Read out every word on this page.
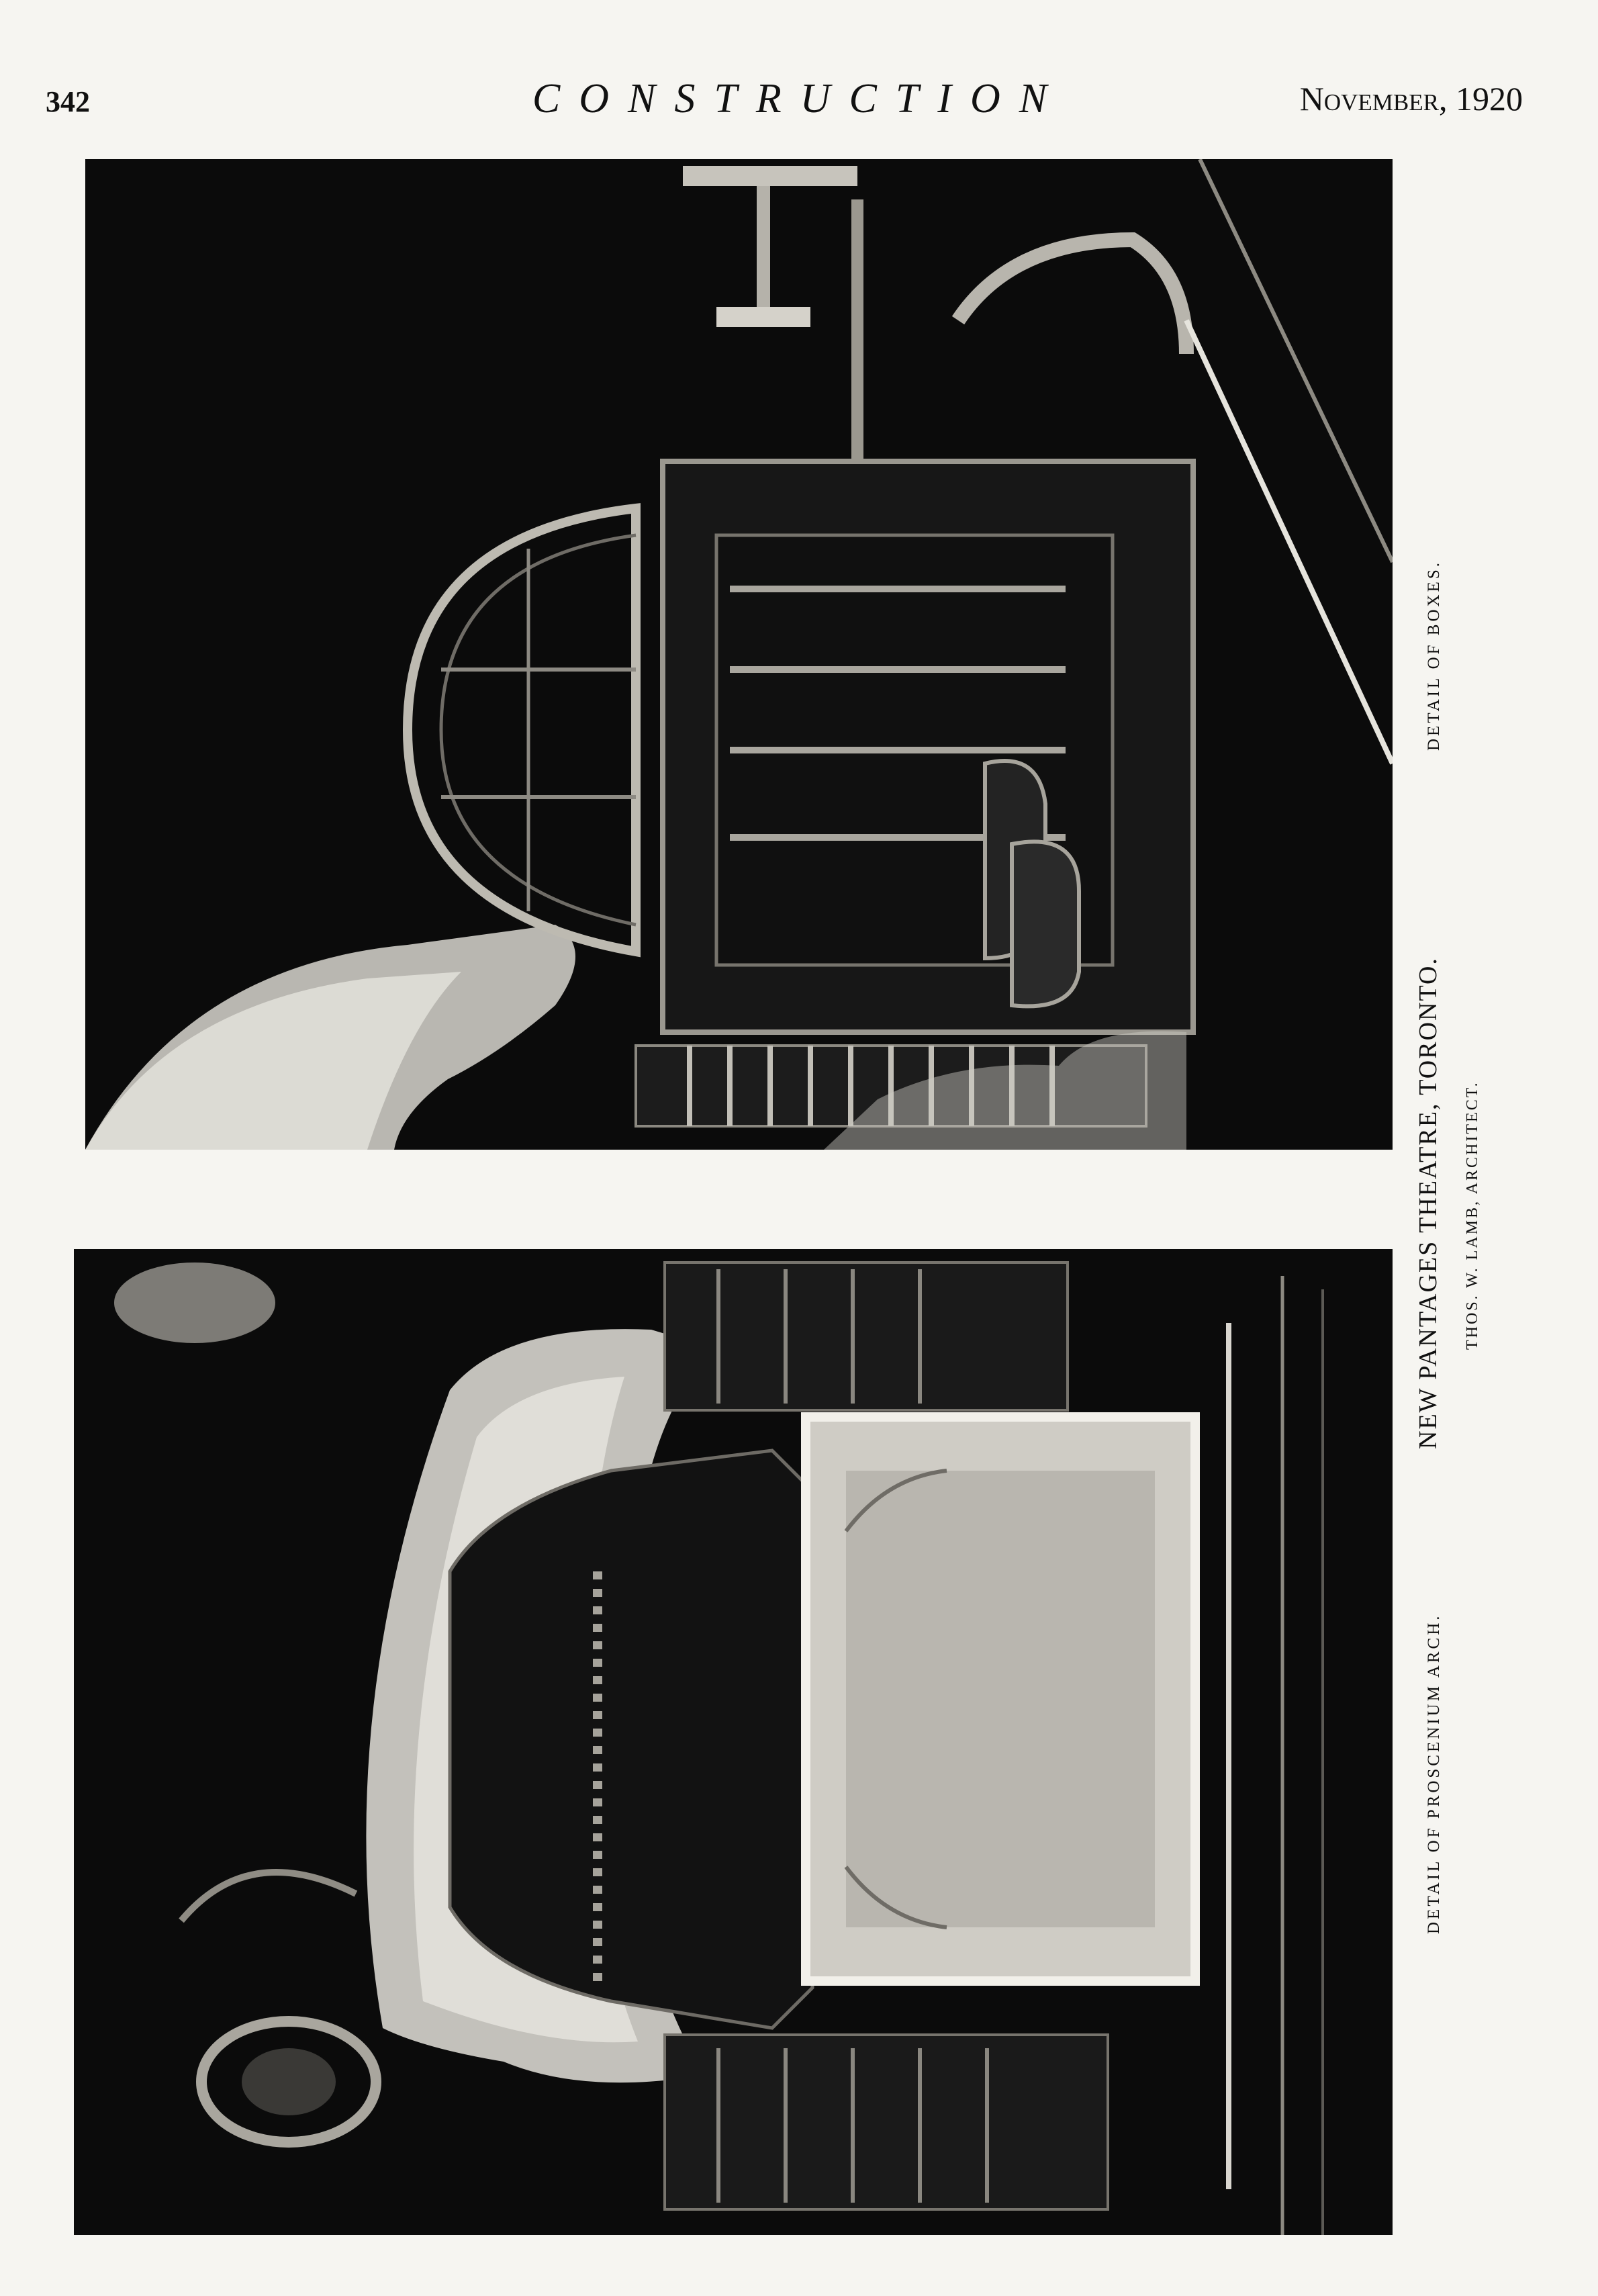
342	CONSTRUCTION	November, 1920
DETAIL OF BOXES.
NEW PANTAGES THEATRE, TORONTO. THOS. W. LAMB, ARCHITECT.
DETAIL OF PROSCENIUM ARCH.
